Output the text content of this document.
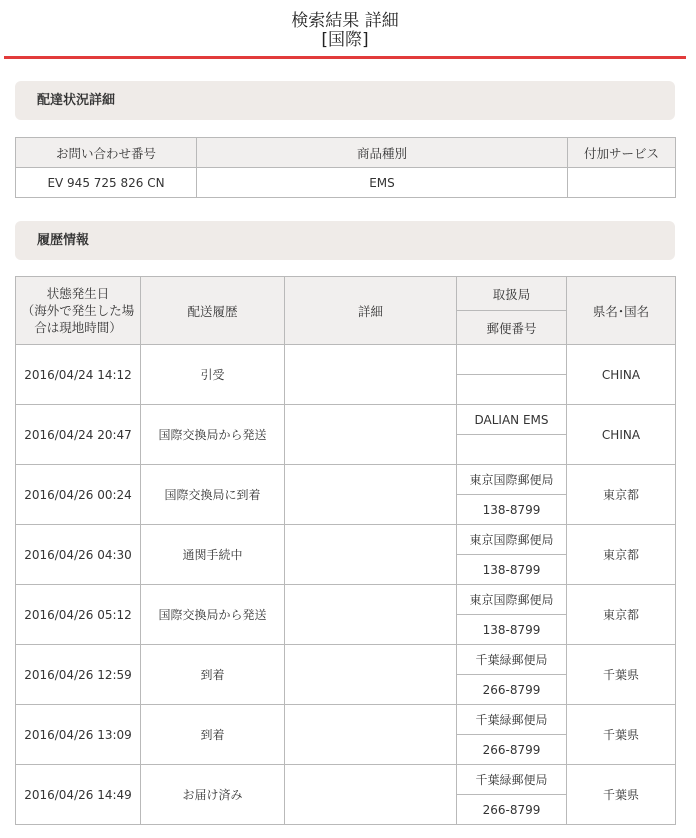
検索結果 詳細
[国際]
配達状況詳細
お問い合わせ番号	商品種別	付加サービス
EV 945 725 826 CN	EMS	
履歴情報
状態発生日
（海外で発生した場
合は現地時間）	配送履歴	詳細	取扱局	県名･国名
			郵便番号	
2016/04/24 14:12	引受			CHINA

2016/04/24 20:47	国際交換局から発送		DALIAN EMS	CHINA

2016/04/26 00:24	国際交換局に到着		東京国際郵便局	東京都
			138-8799	
2016/04/26 04:30	通関手続中		東京国際郵便局	東京都
			138-8799	
2016/04/26 05:12	国際交換局から発送		東京国際郵便局	東京都
			138-8799	
2016/04/26 12:59	到着		千葉緑郵便局	千葉県
			266-8799	
2016/04/26 13:09	到着		千葉緑郵便局	千葉県
			266-8799	
2016/04/26 14:49	お届け済み		千葉緑郵便局	千葉県
			266-8799	
